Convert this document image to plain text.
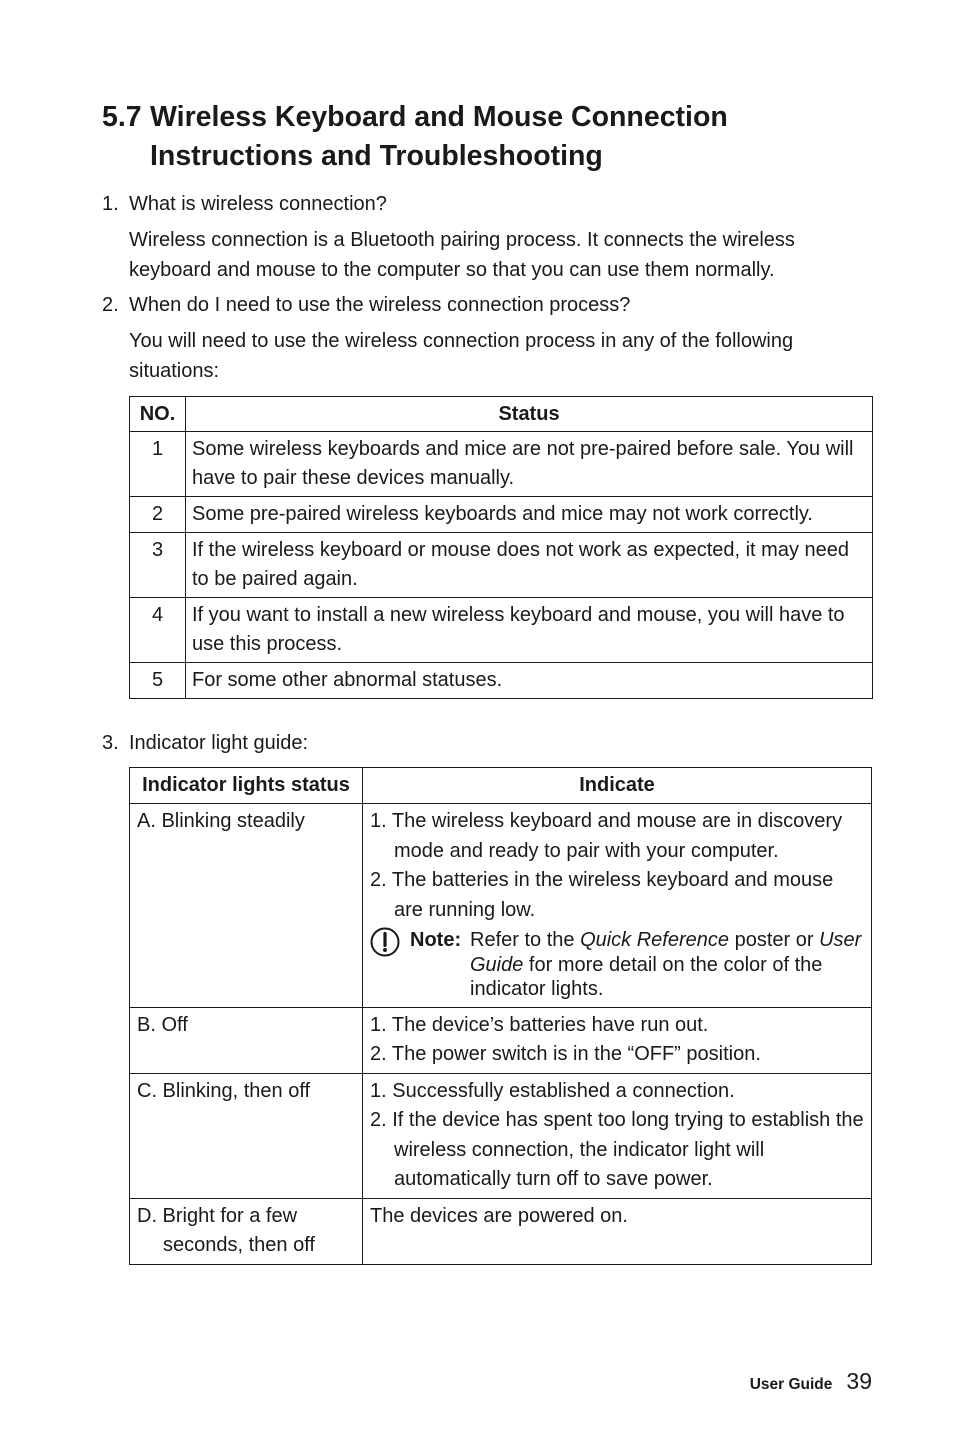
5.7 Wireless Keyboard and Mouse Connection
Instructions and Troubleshooting
1. What is wireless connection?
Wireless connection is a Bluetooth pairing process. It connects the wireless keyboard and mouse to the computer so that you can use them normally.
2. When do I need to use the wireless connection process?
You will need to use the wireless connection process in any of the following situations:
NO.	Status
1	Some wireless keyboards and mice are not pre-paired before sale. You will have to pair these devices manually.
2	Some pre-paired wireless keyboards and mice may not work correctly.
3	If the wireless keyboard or mouse does not work as expected, it may need to be paired again.
4	If you want to install a new wireless keyboard and mouse, you will have to use this process.
5	For some other abnormal statuses.
3. Indicator light guide:
Indicator lights status	Indicate
A. Blinking steadily	1. The wireless keyboard and mouse are in discovery mode and ready to pair with your computer.
2. The batteries in the wireless keyboard and mouse are running low.
Note: Refer to the Quick Reference poster or User Guide for more detail on the color of the indicator lights.

B. Off	1. The device’s batteries have run out.
2. The power switch is in the “OFF” position.

C. Blinking, then off	1. Successfully established a connection.
2. If the device has spent too long trying to establish the wireless connection, the indicator light will automatically turn off to save power.

D. Bright for a few seconds, then off	The devices are powered on.
User Guide 39
